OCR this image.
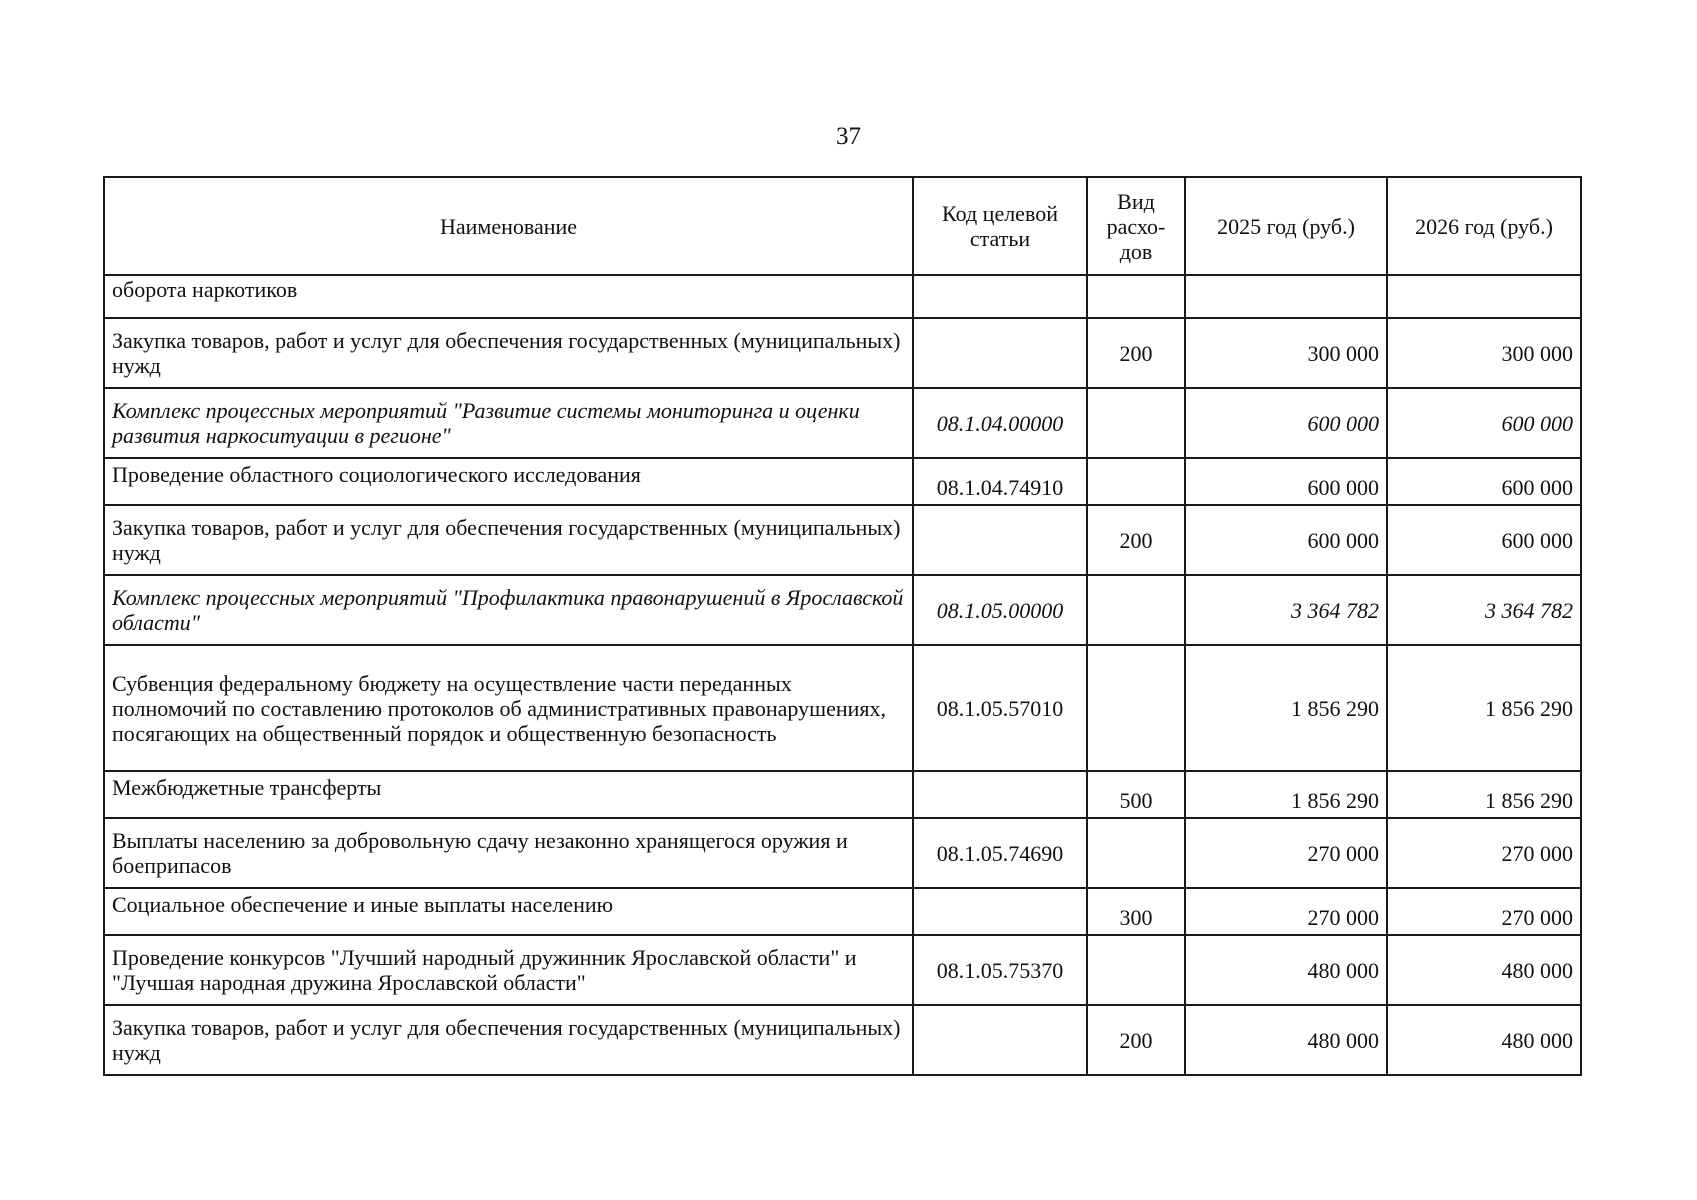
37
Наименование	Код целевой статьи	Вид расхо-дов	2025 год (руб.)	2026 год (руб.)
оборота наркотиков				
Закупка товаров, работ и услуг для обеспечения государственных (муниципальных) нужд		200	300 000	300 000
Комплекс процессных мероприятий "Развитие системы мониторинга и оценки развития наркоситуации в регионе"	08.1.04.00000		600 000	600 000
Проведение областного социологического исследования	08.1.04.74910		600 000	600 000
Закупка товаров, работ и услуг для обеспечения государственных (муниципальных) нужд		200	600 000	600 000
Комплекс процессных мероприятий "Профилактика правонарушений в Ярославской области"	08.1.05.00000		3 364 782	3 364 782
Субвенция федеральному бюджету на осуществление части переданных полномочий по составлению протоколов об административных правонарушениях, посягающих на общественный порядок и общественную безопасность	08.1.05.57010		1 856 290	1 856 290
Межбюджетные трансферты		500	1 856 290	1 856 290
Выплаты населению за добровольную сдачу незаконно хранящегося оружия и боеприпасов	08.1.05.74690		270 000	270 000
Социальное обеспечение и иные выплаты населению		300	270 000	270 000
Проведение конкурсов "Лучший народный дружинник Ярославской области" и "Лучшая народная дружина Ярославской области"	08.1.05.75370		480 000	480 000
Закупка товаров, работ и услуг для обеспечения государственных (муниципальных) нужд		200	480 000	480 000
